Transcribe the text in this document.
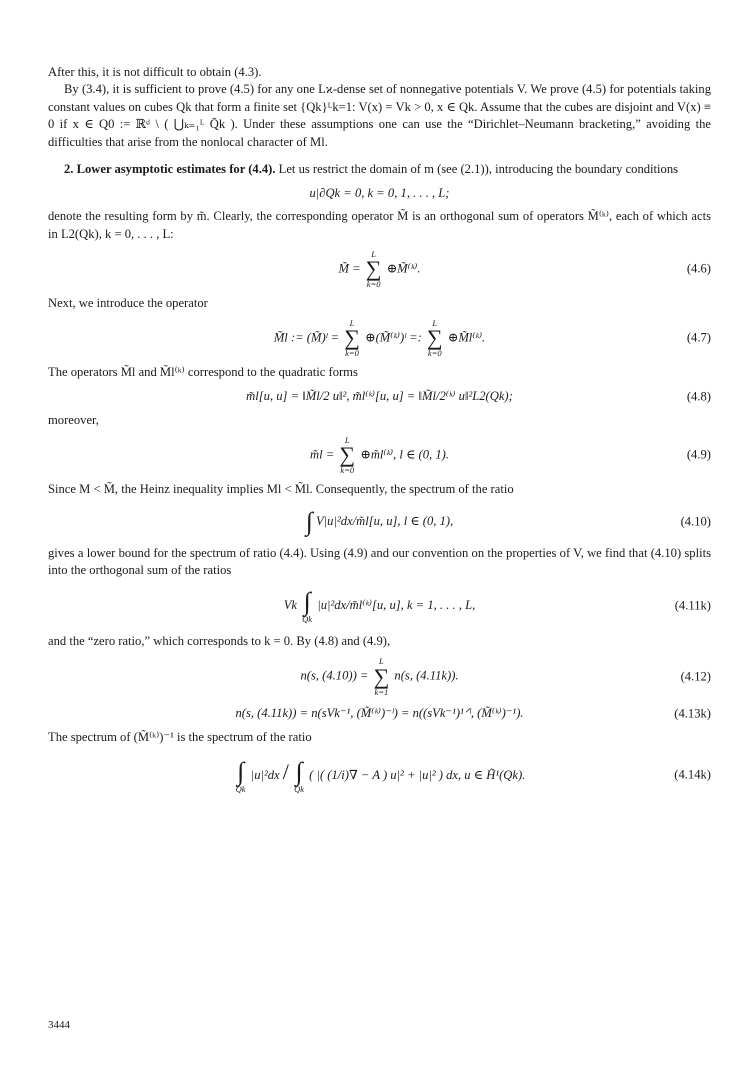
After this, it is not difficult to obtain (4.3).

By (3.4), it is sufficient to prove (4.5) for any one Lϰ-dense set of nonnegative potentials V. We prove (4.5) for potentials taking constant values on cubes Qk that form a finite set {Qk}ᴸk=1: V(x) = Vk > 0, x ∈ Qk. Assume that the cubes are disjoint and V(x) ≡ 0 if x ∈ Q0 := ℝᵈ \ ( ⋃ₖ₌₁ᴸ Q̄k ). Under these assumptions one can use the “Dirichlet–Neumann bracketing,” avoiding the difficulties that arise from the nonlocal character of Ml.

2. Lower asymptotic estimates for (4.4). Let us restrict the domain of m (see (2.1)), introducing the boundary conditions

u|∂Qk = 0, k = 0, 1, . . . , L;

denote the resulting form by m̃. Clearly, the corresponding operator M̃ is an orthogonal sum of operators M̃⁽ᵏ⁾, each of which acts in L2(Qk), k = 0, . . . , L:

M̃ =
L
∑
k=0
⊕M̃⁽ᵏ⁾.	(4.6)

Next, we introduce the operator

M̃l := (M̃)ˡ =
L
∑
k=0
⊕(M̃⁽ᵏ⁾)ˡ =:
L
∑
k=0
⊕M̃l⁽ᵏ⁾.	(4.7)

The operators M̃l and M̃l⁽ᵏ⁾ correspond to the quadratic forms

m̃l[u, u] = ‖M̃l/2 u‖², m̃l⁽ᵏ⁾[u, u] = ‖M̃l/2⁽ᵏ⁾ u‖²L2(Qk);	(4.8)

moreover,

m̃l =
L
∑
k=0
⊕m̃l⁽ᵏ⁾, l ∈ (0, 1).	(4.9)

Since M < M̃, the Heinz inequality implies Ml < M̃l. Consequently, the spectrum of the ratio

∫ V|u|²dx/m̃l[u, u], l ∈ (0, 1),	(4.10)

gives a lower bound for the spectrum of ratio (4.4). Using (4.9) and our convention on the properties of V, we find that (4.10) splits into the orthogonal sum of the ratios

Vk ∫
Qk
|u|²dx/m̃l⁽ᵏ⁾[u, u], k = 1, . . . , L,	(4.11k)

and the “zero ratio,” which corresponds to k = 0. By (4.8) and (4.9),

n(s, (4.10)) =
L
∑
k=1
n(s, (4.11k)).	(4.12)
n(s, (4.11k)) = n(sVk⁻¹, (M̃⁽ᵏ⁾)⁻ˡ) = n((sVk⁻¹)¹ᐟˡ, (M̃⁽ᵏ⁾)⁻¹).	(4.13k)

The spectrum of (M̃⁽ᵏ⁾)⁻¹ is the spectrum of the ratio

∫
Qk
|u|²dx / ∫
Qk
( |( (1/i)∇ − A ) u|² + |u|² ) dx, u ∈ H̃¹(Qk).	(4.14k)
3444
